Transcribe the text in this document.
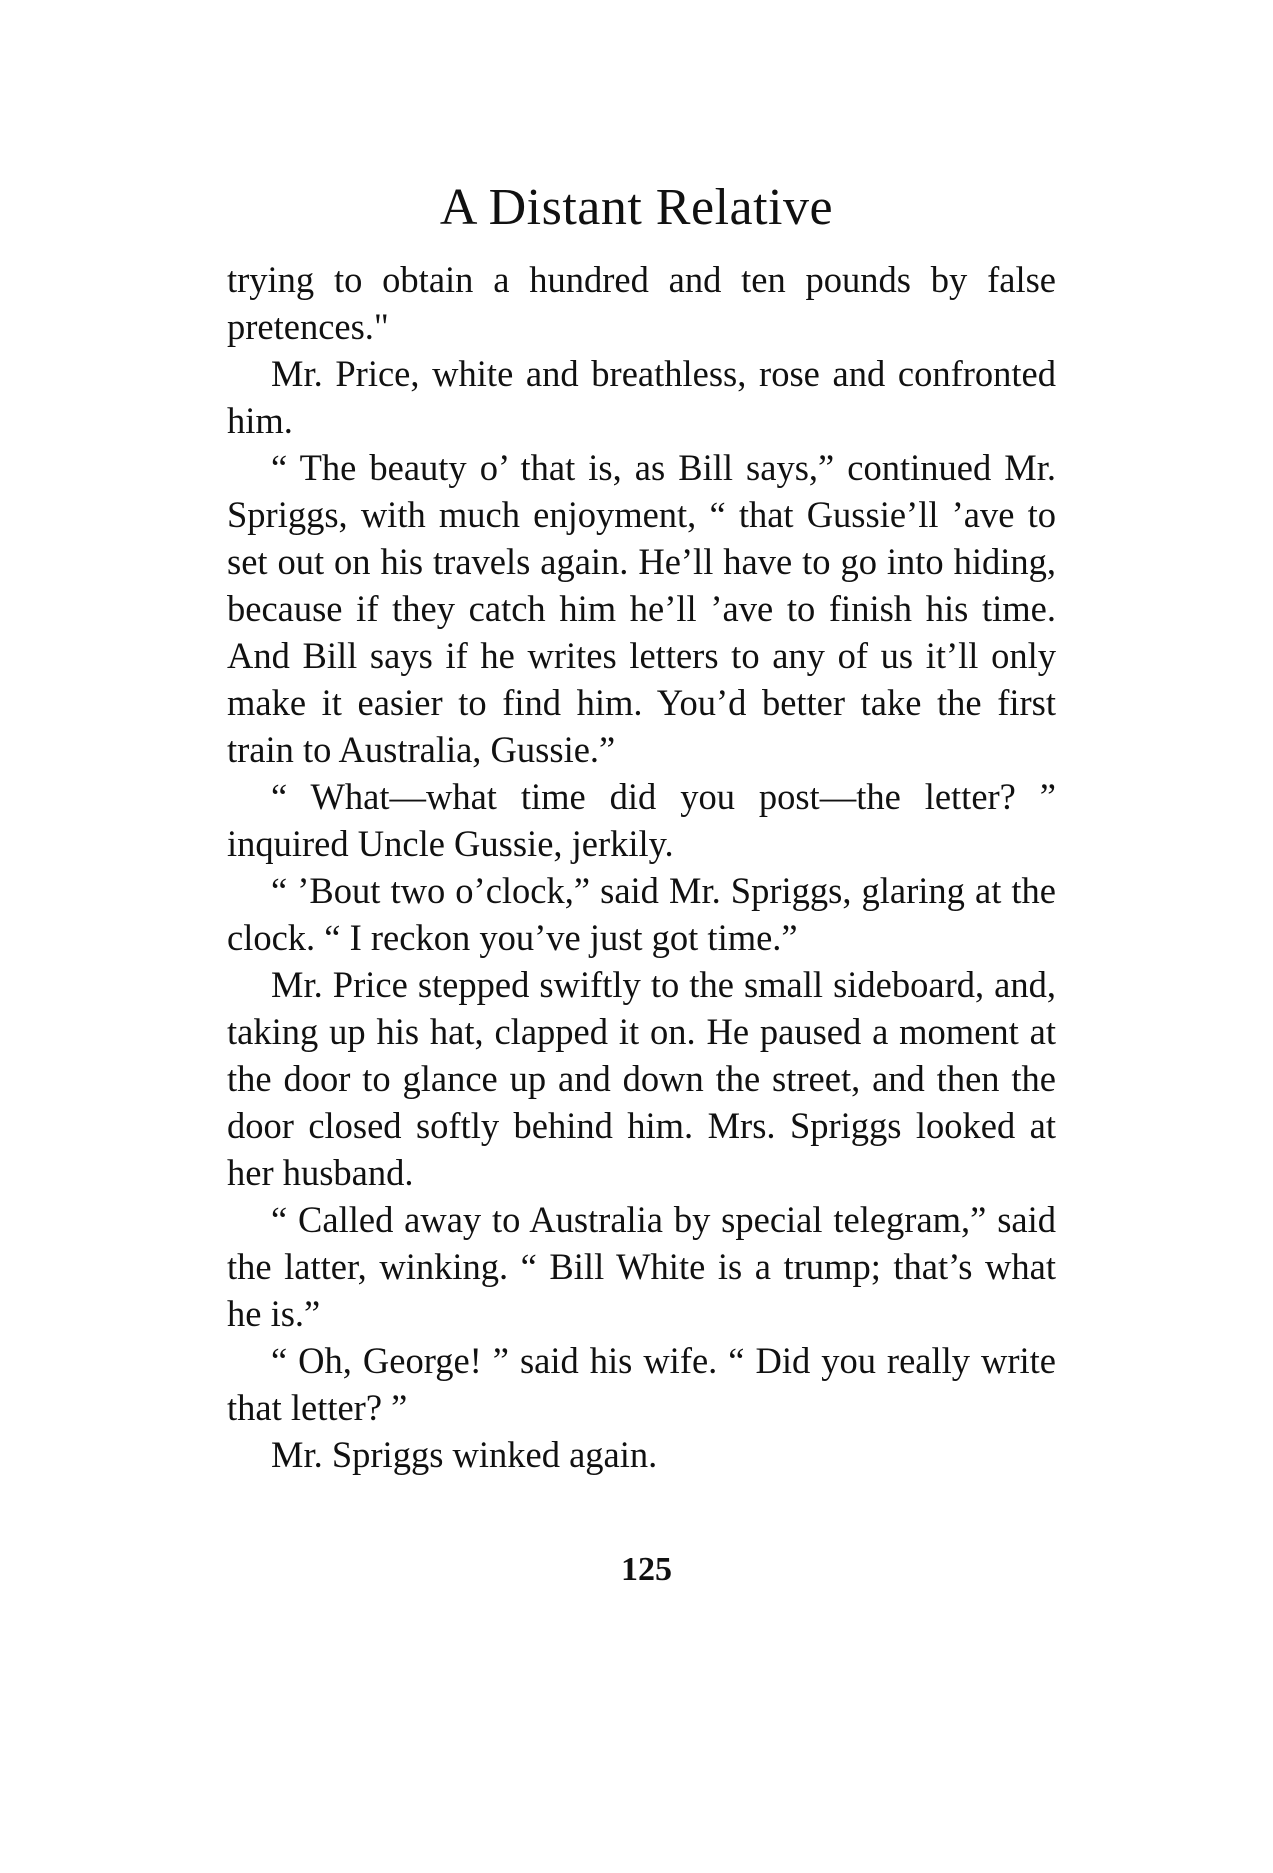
A Distant Relative

trying to obtain a hundred and ten pounds by false pretences."

Mr. Price, white and breathless, rose and confronted him.

“ The beauty o’ that is, as Bill says,” continued Mr. Spriggs, with much enjoyment, “ that Gussie’ll ’ave to set out on his travels again. He’ll have to go into hiding, because if they catch him he’ll ’ave to finish his time. And Bill says if he writes letters to any of us it’ll only make it easier to find him. You’d better take the first train to Australia, Gussie.”

“ What—what time did you post—the letter? ” inquired Uncle Gussie, jerkily.

“ ’Bout two o’clock,” said Mr. Spriggs, glaring at the clock. “ I reckon you’ve just got time.”

Mr. Price stepped swiftly to the small sideboard, and, taking up his hat, clapped it on. He paused a moment at the door to glance up and down the street, and then the door closed softly behind him. Mrs. Spriggs looked at her husband.

“ Called away to Australia by special telegram,” said the latter, winking. “ Bill White is a trump; that’s what he is.”

“ Oh, George! ” said his wife. “ Did you really write that letter? ”

Mr. Spriggs winked again.

125
